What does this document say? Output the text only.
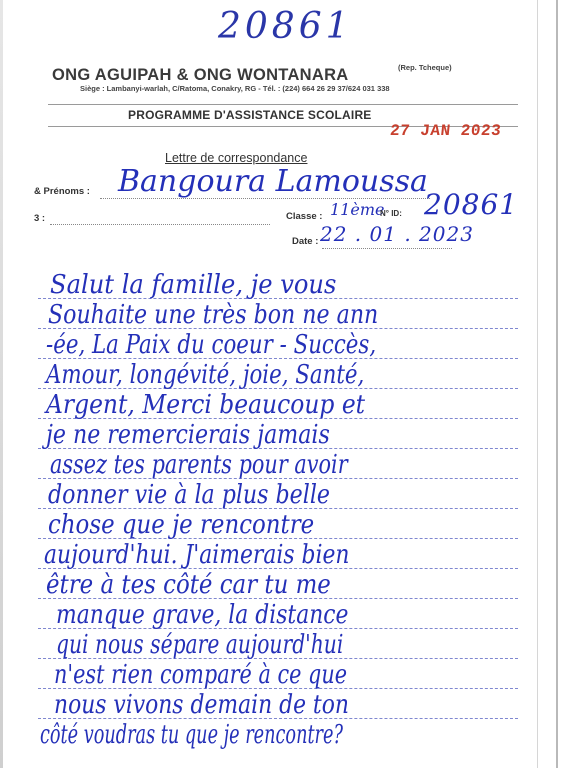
20861
ONG AGUIPAH & ONG WONTANARA	(Rep. Tcheque)
Siège : Lambanyi-warlah, C/Ratoma, Conakry, RG - Tél. : (224) 664 26 29 37/624 031 338
PROGRAMME D'ASSISTANCE SCOLAIRE
27 JAN 2023
Lettre de correspondance
& Prénoms : Bangoura Lamoussa
3 :	Classe : 11ème
N° ID: 20861
Date : 22 . 01 . 2023
Salut la famille, je vous
Souhaite une très bon ne ann
-ée, La Paix du coeur - Succès,
Amour, longévité, joie, Santé,
Argent, Merci beaucoup et
je ne remercierais jamais
assez tes parents pour avoir
donner vie à la plus belle
chose que je rencontre
aujourd'hui. J'aimerais bien
être à tes côté car tu me
manque grave, la distance
qui nous sépare aujourd'hui
n'est rien comparé à ce que
nous vivons demain de ton
côté voudras tu que je rencontre?
